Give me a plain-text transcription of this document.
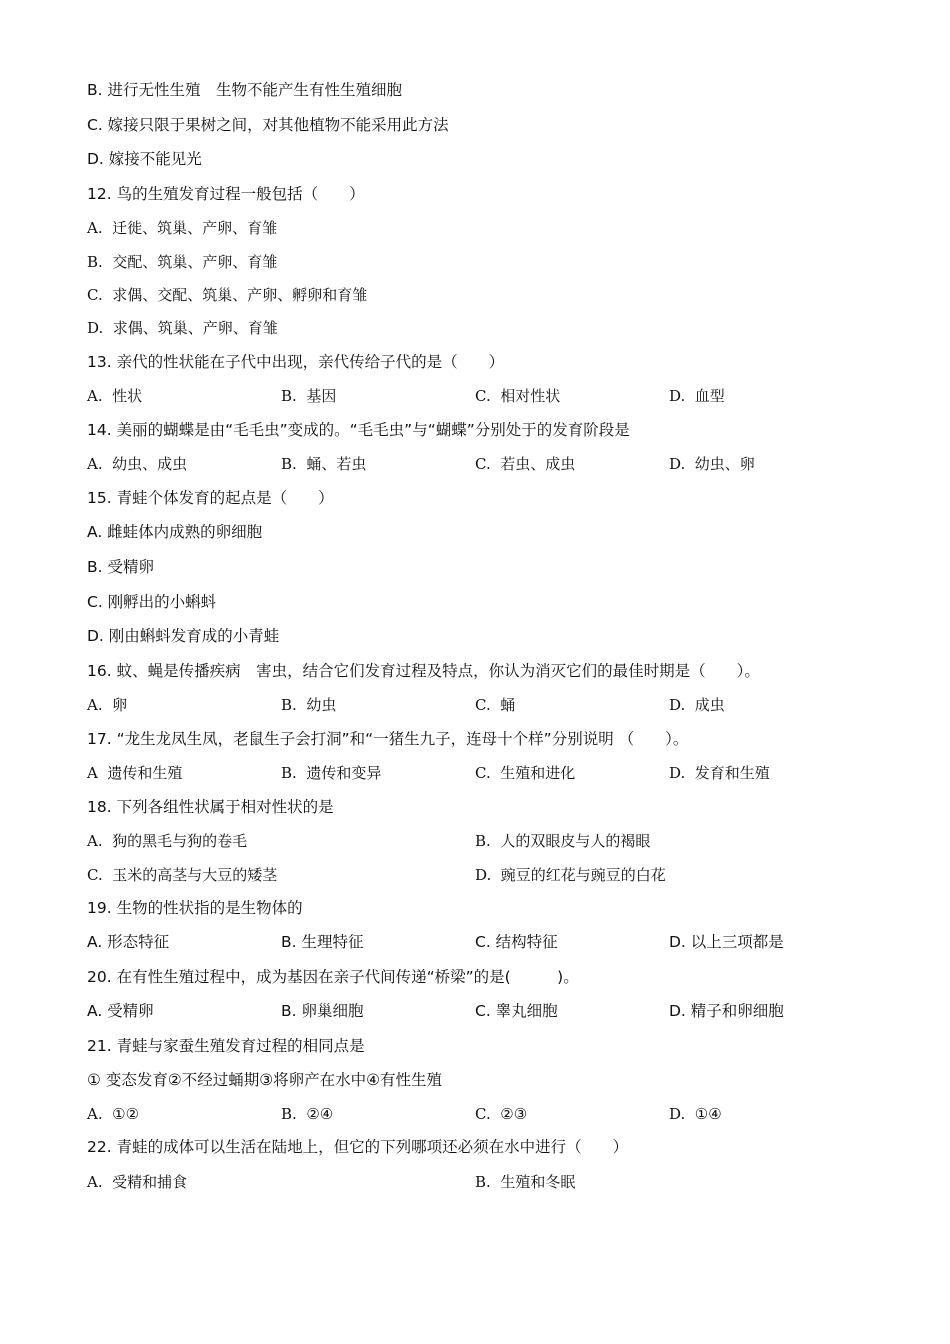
B. 进行无性生殖　生物不能产生有性生殖细胞
C. 嫁接只限于果树之间，对其他植物不能采用此方法
D. 嫁接不能见光
12. 鸟的生殖发育过程一般包括（　　）
A.  迁徙、筑巢、产卵、育雏
B.  交配、筑巢、产卵、育雏
C.  求偶、交配、筑巢、产卵、孵卵和育雏
D.  求偶、筑巢、产卵、育雏
13. 亲代的性状能在子代中出现，亲代传给子代的是（　　）
A.  性状	B.  基因	C.  相对性状	D.  血型
14. 美丽的蝴蝶是由“毛毛虫”变成的。“毛毛虫”与“蝴蝶”分别处于的发育阶段是
A.  幼虫、成虫	B.  蛹、若虫	C.  若虫、成虫	D.  幼虫、卵
15. 青蛙个体发育的起点是（　　）
A. 雌蛙体内成熟的卵细胞
B. 受精卵
C. 刚孵出的小蝌蚪
D. 刚由蝌蚪发育成的小青蛙
16. 蚊、蝇是传播疾病　害虫，结合它们发育过程及特点，你认为消灭它们的最佳时期是（　　）。
A.  卵	B.  幼虫	C.  蛹	D.  成虫
17. “龙生龙凤生凤，老鼠生子会打洞”和“一猪生九子，连母十个样”分别说明 （　　）。
A  遗传和生殖	B.  遗传和变异	C.  生殖和进化	D.  发育和生殖
18. 下列各组性状属于相对性状的是
A.  狗的黑毛与狗的卷毛	B.  人的双眼皮与人的褐眼
C.  玉米的高茎与大豆的矮茎	D.  豌豆的红花与豌豆的白花
19. 生物的性状指的是生物体的
A. 形态特征	B. 生理特征	C. 结构特征	D. 以上三项都是
20. 在有性生殖过程中，成为基因在亲子代间传递“桥梁”的是(　　　)。
A. 受精卵	B. 卵巢细胞	C. 睾丸细胞	D. 精子和卵细胞
21. 青蛙与家蚕生殖发育过程的相同点是
① 变态发育②不经过蛹期③将卵产在水中④有性生殖
A.  ①②	B.  ②④	C.  ②③	D.  ①④
22. 青蛙的成体可以生活在陆地上，但它的下列哪项还必须在水中进行（　　）
A.  受精和捕食	B.  生殖和冬眠
